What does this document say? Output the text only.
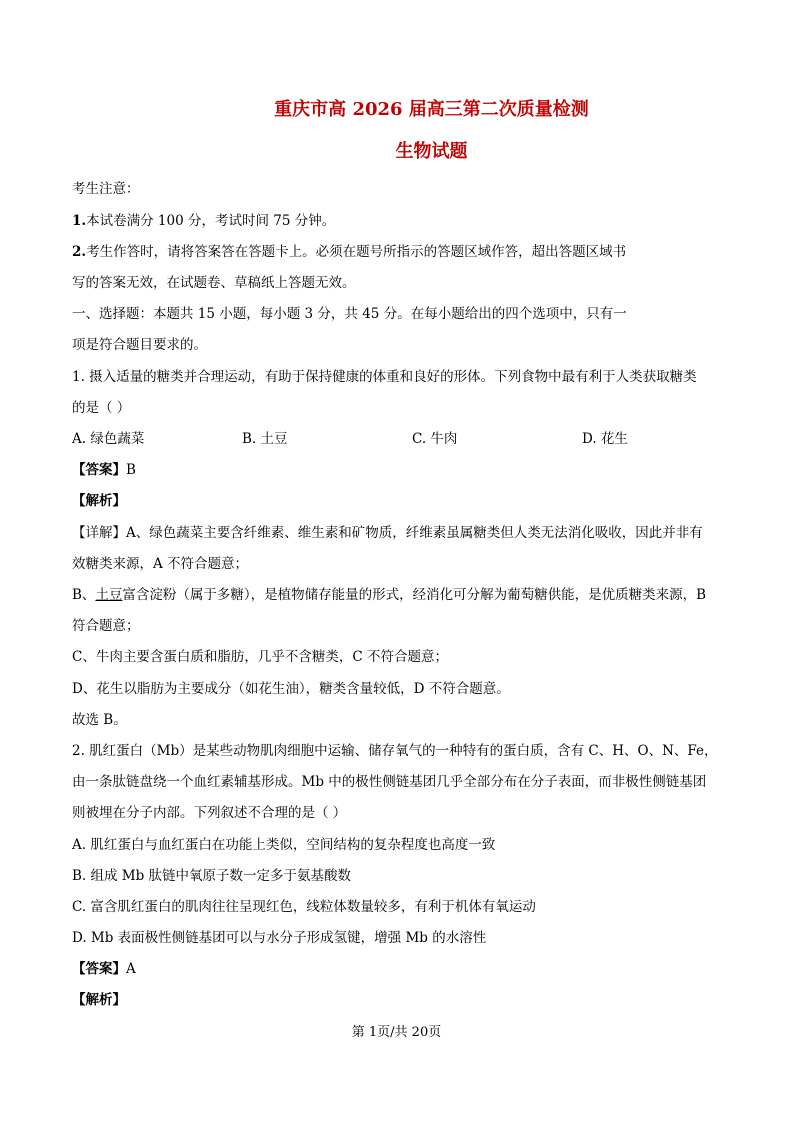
重庆市高 2026 届高三第二次质量检测
生物试题
考生注意：
1.本试卷满分 100 分，考试时间 75 分钟。
2.考生作答时，请将答案答在答题卡上。必须在题号所指示的答题区域作答，超出答题区域书
写的答案无效，在试题卷、草稿纸上答题无效。
一、选择题：本题共 15 小题，每小题 3 分，共 45 分。在每小题给出的四个选项中，只有一
项是符合题目要求的。
1. 摄入适量的糖类并合理运动，有助于保持健康的体重和良好的形体。下列食物中最有利于人类获取糖类
的是（ ）
A. 绿色蔬菜	B. 土豆	C. 牛肉	D. 花生
【答案】B
【解析】
【详解】A、绿色蔬菜主要含纤维素、维生素和矿物质，纤维素虽属糖类但人类无法消化吸收，因此并非有
效糖类来源，A 不符合题意；
B、土豆富含淀粉（属于多糖），是植物储存能量的形式，经消化可分解为葡萄糖供能，是优质糖类来源，B
符合题意；
C、牛肉主要含蛋白质和脂肪，几乎不含糖类，C 不符合题意；
D、花生以脂肪为主要成分（如花生油），糖类含量较低，D 不符合题意。
故选 B。
2. 肌红蛋白（Mb）是某些动物肌肉细胞中运输、储存氧气的一种特有的蛋白质，含有 C、H、O、N、Fe，
由一条肽链盘绕一个血红素辅基形成。Mb 中的极性侧链基团几乎全部分布在分子表面，而非极性侧链基团
则被埋在分子内部。下列叙述不合理的是（ ）
A. 肌红蛋白与血红蛋白在功能上类似，空间结构的复杂程度也高度一致
B. 组成 Mb 肽链中氧原子数一定多于氨基酸数
C. 富含肌红蛋白的肌肉往往呈现红色，线粒体数量较多，有利于机体有氧运动
D. Mb 表面极性侧链基团可以与水分子形成氢键，增强 Mb 的水溶性
【答案】A
【解析】
第 1页/共 20页
